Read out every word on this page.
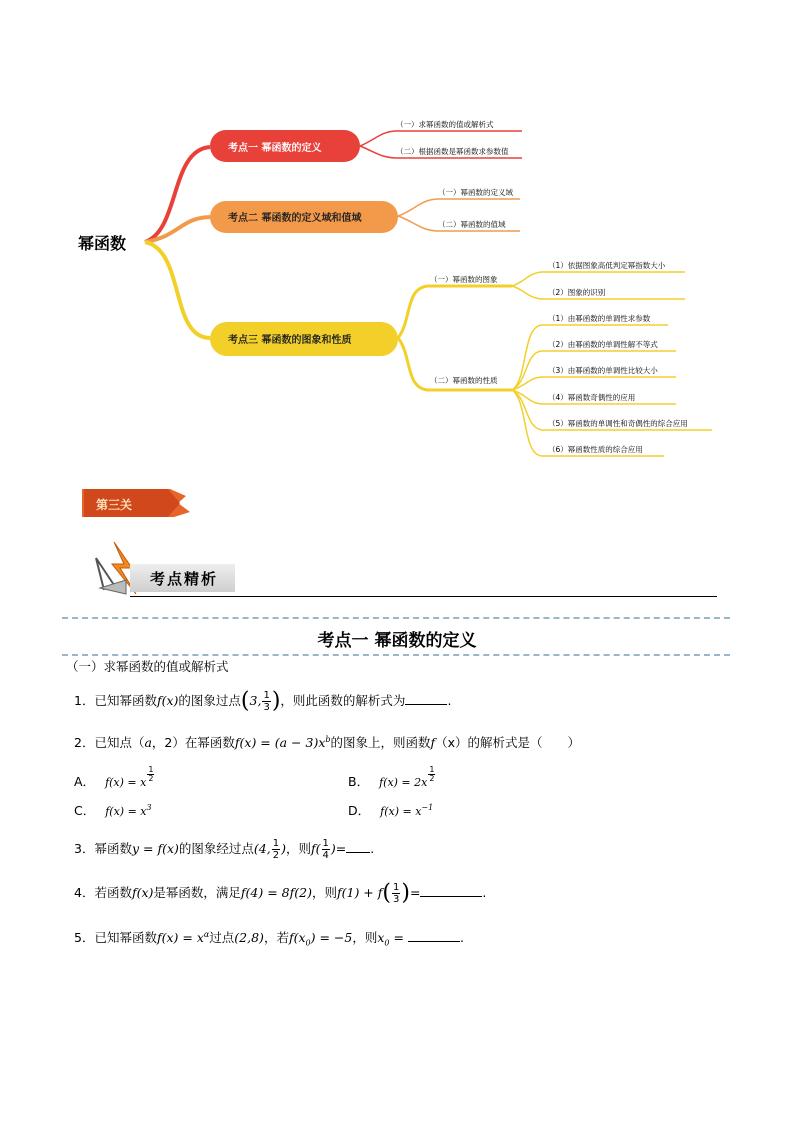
幂函数
考点一 幂函数的定义
（一）求幂函数的值或解析式
（二）根据函数是幂函数求参数值
考点二 幂函数的定义域和值域
（一）幂函数的定义域
（二）幂函数的值域
考点三 幂函数的图象和性质
（一）幂函数的图象
（二）幂函数的性质
（1）依据图象高低判定幂指数大小
（2）图象的识别
（1）由幂函数的单调性求参数
（2）由幂函数的单调性解不等式
（3）由幂函数的单调性比较大小
（4）幂函数奇偶性的应用
（5）幂函数的单调性和奇偶性的综合应用
（6）幂函数性质的综合应用
第三关
考点精析
考点一 幂函数的定义
（一）求幂函数的值或解析式
1．已知幂函数f(x)的图象过点(3, $\frac{1}{3}$ )，则此函数的解析式为	.
2．已知点（a，2）在幂函数$f(x) = (a - 3)x^b$的图象上，则函数f（x）的解析式是（　　）
A． f(x) = x $\frac{1}{2}$	B． $f(x) = 2x \frac{1}{2}$
C． $f(x) = x^3$	D． $f(x) = x^{-1}$
3．幂函数y = f(x)的图象经过点(4, $\frac{1}{2}$ )，则$f( \frac{1}{4}$ )= .
4．若函数f(x)是幂函数，满足f(4) = 8f(2)，则$f(1) + f( \frac{1}{3}$ )=	.
5．已知幂函数$f(x) = x^\alpha$过点(2,8)，若$f(x_0) = -5$，则$x_0$ =	.
